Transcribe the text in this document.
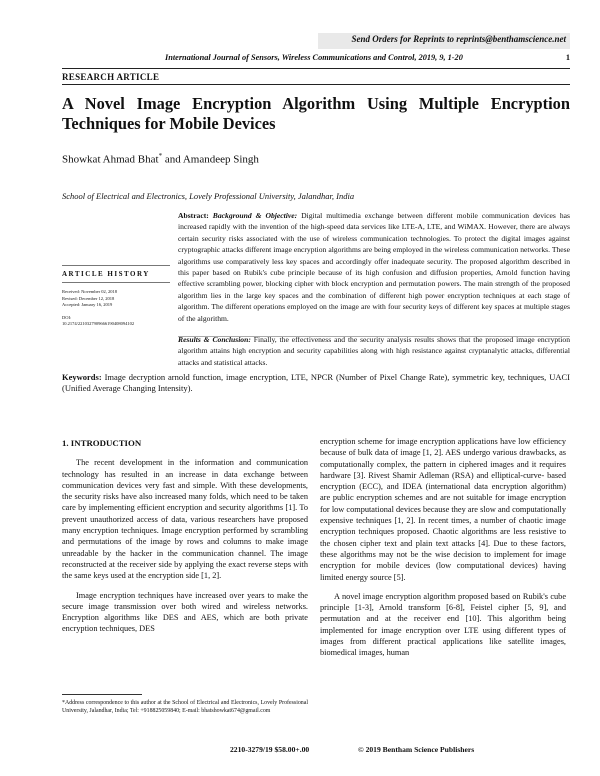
Send Orders for Reprints to reprints@benthamscience.net
International Journal of Sensors, Wireless Communications and Control, 2019, 9, 1-20	1
RESEARCH ARTICLE
A Novel Image Encryption Algorithm Using Multiple Encryption Techniques for Mobile Devices
Showkat Ahmad Bhat* and Amandeep Singh
School of Electrical and Electronics, Lovely Professional University, Jalandhar, India
ARTICLE HISTORY
Received: November 02, 2018
Revised: December 12, 2018
Accepted: January 16, 2019
DOI:
10.2174/2210327909666190408094102

Abstract: Background & Objective: Digital multimedia exchange between different mobile communication devices has increased rapidly with the invention of the high-speed data services like LTE-A, LTE, and WiMAX. However, there are always certain security risks associated with the use of wireless communication technologies. To protect the digital images against cryptographic attacks different image encryption algorithms are being employed in the wireless communication networks. These algorithms use comparatively less key spaces and accordingly offer inadequate security. The proposed algorithm described in this paper based on Rubik's cube principle because of its high confusion and diffusion properties, Arnold function having effective scrambling power, blocking cipher with block encryption and permutation powers. The main strength of the proposed algorithm lies in the large key spaces and the combination of different high power encryption techniques at each stage of algorithm. The different operations employed on the image are with four security keys of different key spaces at multiple stages of the algorithm.

Results & Conclusion: Finally, the effectiveness and the security analysis results shows that the proposed image encryption algorithm attains high encryption and security capabilities along with high resistance against cryptanalytic attacks, differential attacks and statistical attacks.

Keywords: Image decryption arnold function, image encryption, LTE, NPCR (Number of Pixel Change Rate), symmetric key, techniques, UACI (Unified Average Changing Intensity).

1. INTRODUCTION

The recent development in the information and communication technology has resulted in an increase in data exchange between communication devices very fast and simple. With these developments, the security risks have also increased many folds, which need to be taken care by implementing efficient encryption and security algorithms [1]. To prevent unauthorized access of data, various researchers have proposed many encryption techniques. Image encryption performed by scrambling and permutations of the image by rows and columns to make image unreadable by the hacker in the communication channel. The image reconstructed at the receiver side by applying the exact reverse steps with the same keys used at the encryption side [1, 2].

Image encryption techniques have increased over years to make the secure image transmission over both wired and wireless networks. Encryption algorithms like DES and AES, which are both private encryption techniques, DES

encryption scheme for image encryption applications have low efficiency because of bulk data of image [1, 2]. AES undergo various drawbacks, as computationally complex, the pattern in ciphered images and it requires hardware [3]. Rivest Shamir Adleman (RSA) and elliptical-curve- based encryption (ECC), and IDEA (international data encryption algorithm) are public encryption schemes and are not suitable for image encryption for low computational devices because they are slow and computationally expensive techniques [1, 2]. In recent times, a number of chaotic image encryption techniques proposed. Chaotic algorithms are less resistive to the chosen cipher text and plain text attacks [4]. Due to these factors, these algorithms may not be the wise decision to implement for image encryption for mobile devices (low computational devices) having limited energy source [5].

A novel image encryption algorithm proposed based on Rubik's cube principle [1-3], Arnold transform [6-8], Feistel cipher [5, 9], and permutation and at the receiver end [10]. This algorithm being implemented for image encryption over LTE using different types of images from different practical applications like satellite images, biomedical images, human

*Address correspondence to this author at the School of Electrical and Electronics, Lovely Professional University, Jalandhar, India; Tel: +918825059840; E-mail: bhatshowkat674@gmail.com
2210-3279/19 $58.00+.00	© 2019 Bentham Science Publishers
